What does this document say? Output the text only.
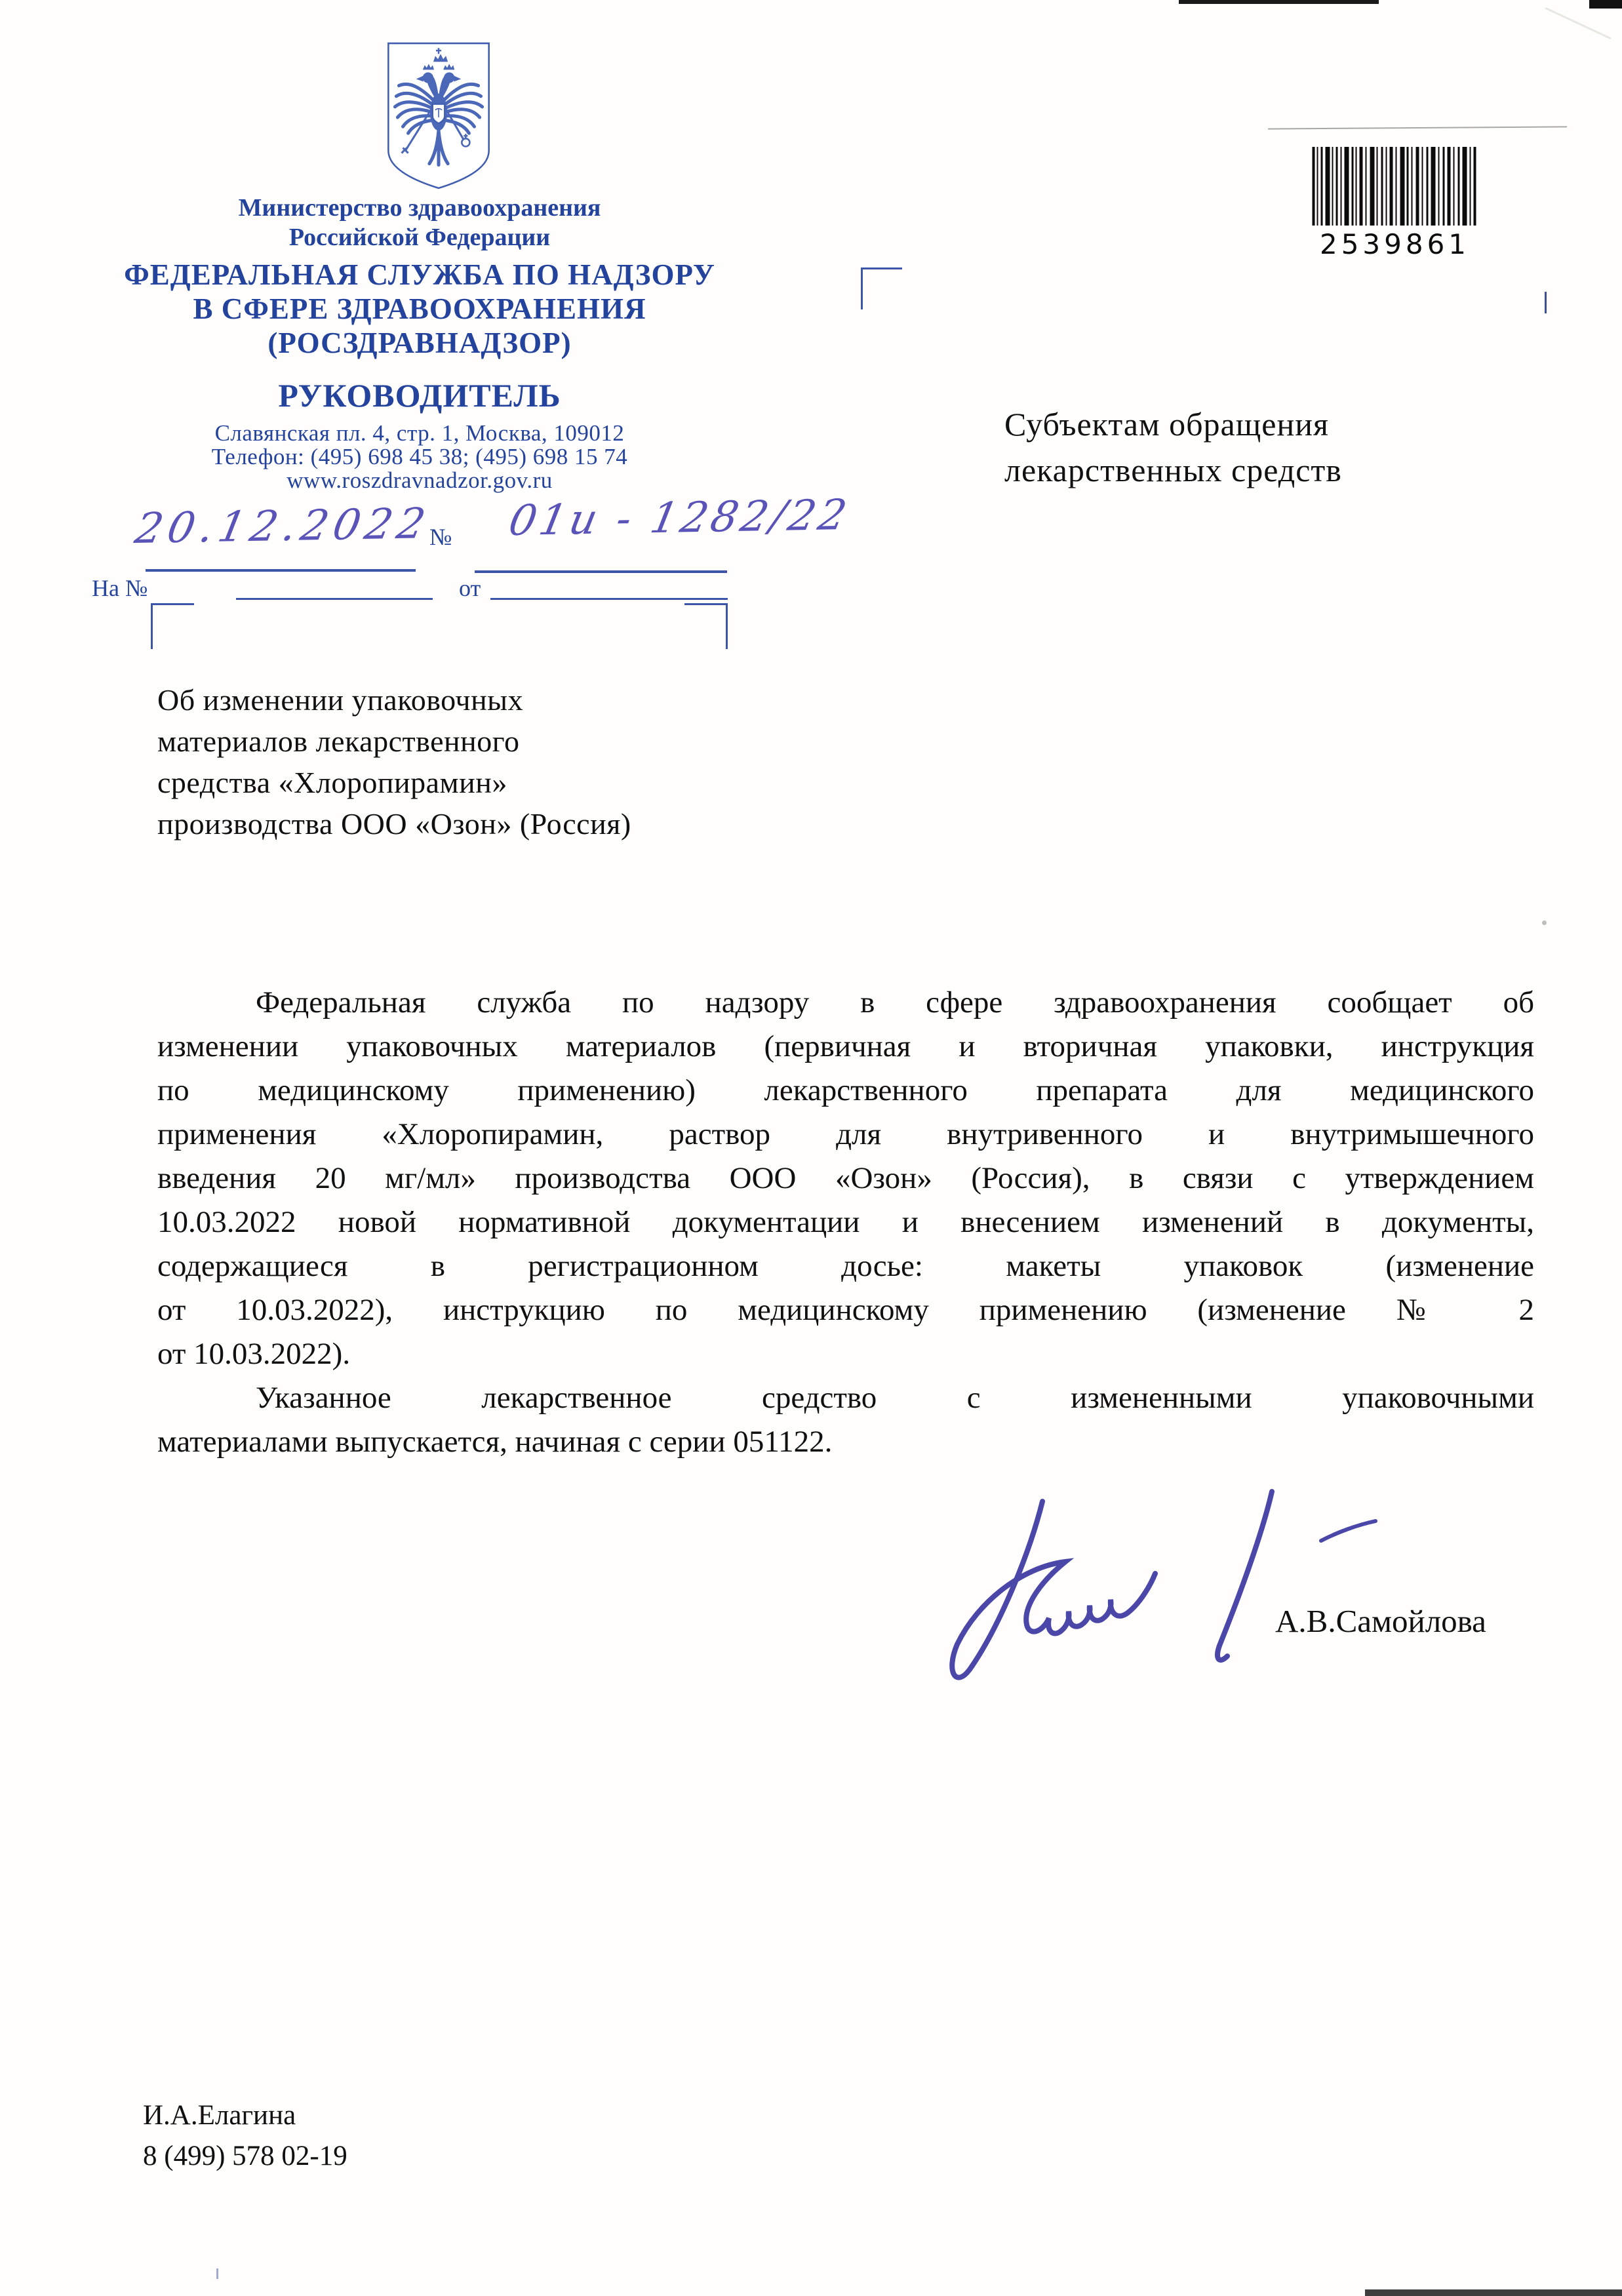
Министерство здравоохранения
Российской Федерации
ФЕДЕРАЛЬНАЯ СЛУЖБА ПО НАДЗОРУ
В СФЕРЕ ЗДРАВООХРАНЕНИЯ
(РОСЗДРАВНАДЗОР)
РУКОВОДИТЕЛЬ
Славянская пл. 4, стр. 1, Москва, 109012
Телефон: (495) 698 45 38; (495) 698 15 74
www.roszdravnadzor.gov.ru
20.12.2022
№ 01и - 1282/22
На №	от
2539861
Субъектам обращения
лекарственных средств
Об изменении упаковочных
материалов лекарственного
средства «Хлоропирамин»
производства ООО «Озон» (Россия)
Федеральная служба по надзору в сфере здравоохранения сообщает об
изменении упаковочных материалов (первичная и вторичная упаковки, инструкция
по медицинскому применению) лекарственного препарата для медицинского
применения «Хлоропирамин, раствор для внутривенного и внутримышечного
введения 20 мг/мл» производства ООО «Озон» (Россия), в связи с утверждением
10.03.2022 новой нормативной документации и внесением изменений в документы,
содержащиеся в регистрационном досье: макеты упаковок (изменение
от 10.03.2022), инструкцию по медицинскому применению (изменение № 2
от 10.03.2022).
Указанное лекарственное средство с измененными упаковочными
материалами выпускается, начиная с серии 051122.
А.В.Самойлова
И.А.Елагина
8 (499) 578 02-19
